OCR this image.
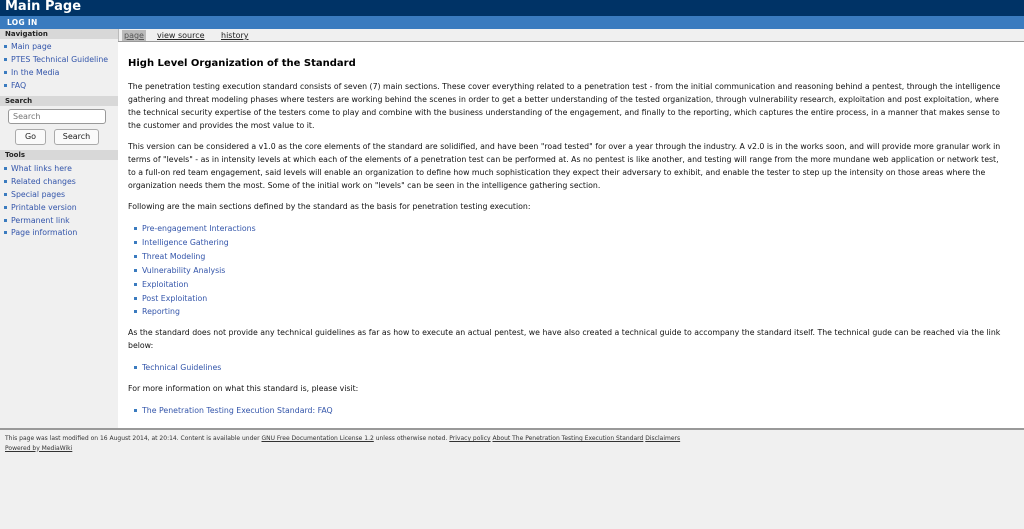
Main Page
LOG IN
Navigation
Main page
PTES Technical Guideline
In the Media
FAQ
Search
Search
Go	Search
Tools
What links here
Related changes
Special pages
Printable version
Permanent link
Page information
page view source history
High Level Organization of the Standard
The penetration testing execution standard consists of seven (7) main sections. These cover everything related to a penetration test - from the initial communication and reasoning behind a pentest, through the intelligence gathering and threat modeling phases where testers are working behind the scenes in order to get a better understanding of the tested organization, through vulnerability research, exploitation and post exploitation, where the technical security expertise of the testers come to play and combine with the business understanding of the engagement, and finally to the reporting, which captures the entire process, in a manner that makes sense to the customer and provides the most value to it.
This version can be considered a v1.0 as the core elements of the standard are solidified, and have been "road tested" for over a year through the industry. A v2.0 is in the works soon, and will provide more granular work in terms of "levels" - as in intensity levels at which each of the elements of a penetration test can be performed at. As no pentest is like another, and testing will range from the more mundane web application or network test, to a full-on red team engagement, said levels will enable an organization to define how much sophistication they expect their adversary to exhibit, and enable the tester to step up the intensity on those areas where the organization needs them the most. Some of the initial work on "levels" can be seen in the intelligence gathering section.
Following are the main sections defined by the standard as the basis for penetration testing execution:
Pre-engagement Interactions
Intelligence Gathering
Threat Modeling
Vulnerability Analysis
Exploitation
Post Exploitation
Reporting
As the standard does not provide any technical guidelines as far as how to execute an actual pentest, we have also created a technical guide to accompany the standard itself. The technical gude can be reached via the link below:
Technical Guidelines
For more information on what this standard is, please visit:
The Penetration Testing Execution Standard: FAQ
This page was last modified on 16 August 2014, at 20:14. Content is available under GNU Free Documentation License 1.2 unless otherwise noted. Privacy policy About The Penetration Testing Execution Standard Disclaimers
Powered by MediaWiki
